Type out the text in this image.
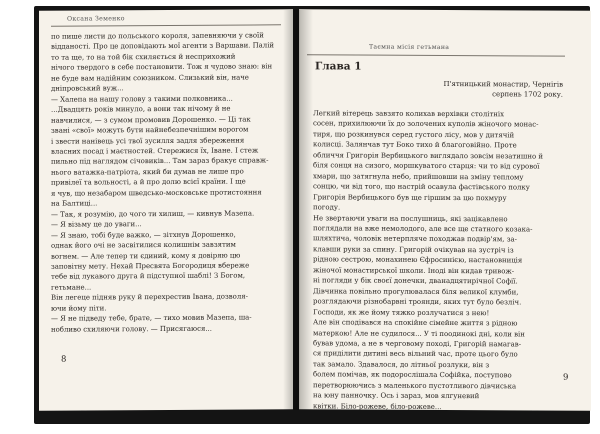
Оксана Земенко
по пише листи до польського короля, запевняючи у своїй
відданості. Про це доповідають мої агенти з Варшави. Палій
то та ще, то на той бік схиляється й несприхожий
нічого твердого в себе постановити. Тож я чудово знаю: він
не буде вам надійним союзником. Слизький він, наче
дніпровський вуж...
— Халепа на нашу голову з такими полковника...
...Двадцять років минуло, а вони так нічому й не
навчилися, — з сумом промовив Дорошенко. — Ці так
звані «свої» можуть бути найнебезпечнішим ворогом
і звести нанівець усі твої зусилля задля збереження
власних посад і маєтностей. Стережися їх, Іване. І стеж
пильно під наглядом січовиків... Там зараз бракує справж-
нього ватажка-патріота, який би думав не лише про
привілеї та вольності, а й про долю всієї країни. І ще
я чув, що незабаром шведсько-московське протистояння
на Балтиці...
— Так, я розумію, до чого ти хилиш, — кивнув Мазепа.
— Я візьму це до уваги...
— Я знаю, тобі буде важко, — зітхнув Дорошенко,
однак його очі не засвітилися колишнім завзятим
вогнем. — Але тепер ти єдиний, кому я довіряю цю
заповітну мету. Нехай Пресвята Богородиця вбереже
тебе від лукавого друга й підступної шаблі! З Богом,
гетьмане...
Він легеце підняв руку й перехрестив Івана, дозволя-
ючи йому піти.
— Я не підведу тебе, брате, — тихо мовив Мазепа, ша-
нобливо схиляючи голову. — Присягаюся...
8
Таємна місія гетьмана
Глава 1
П'ятницький монастир, Чернігів
серпень 1702 року.
Легкий вітерець завзято колихав верхівки столітніх
сосен, прихилюючи їх до золочених куполів жіночого монас-
тиря, що розкинувся серед густого лісу, мов у дитячій
колисці. Залянчав тут Боко тихо й благоговійно. Проте
обличчя Григорія Вербицького виглядало зовсім незатишно й
біля сонця на сизого, моршкуватого старця: чи то від сурової
хмари, що затягнула небо, прийшовши на зміну теплому
сонцю, чи від того, що настрій осавула фастівського полку
Григорія Вербицького був ще гіршим за цю похмуру
погоду.
Не звертаючи уваги на послушниць, які зацікавлено
поглядали на вже немолодого, але все ще статного козака-
шляхтича, чоловік нетерпляче походжав подвір'ям, за-
клавши руки за спину. Григорій очікував на зустріч із
рідною сестрою, монахинею Єфросинією, настановниція
жіночої монастирської школи. Іноді він кидав тривож-
ні погляди у бік своєї донечки, дванадцятирічної Софії.
Дівчинка повільно прогулювалася біля великої клумби,
розглядаючи різнобарвні троянди, яких тут було безліч.
Господи, як же йому тяжко розлучатися з нею!
Але він сподівався на спокійне сімейне життя з рідною
матеркою! Але не судилося... У ті поодинокі дні, коли він
бував удома, а не в черговому поході, Григорій намагав-
ся приділити дитині весь вільний час, проте цього було
так замало. Здавалося, до літньої розлуки, він з
болем помічав, як подорослішала Софійка, поступово
перетворюючись з маленького пустотливого дівчиська
на юну панночку. Ось і зараз, мов ялгуневий
квітки. Біло-рожеве, біло-рожеве...
9
